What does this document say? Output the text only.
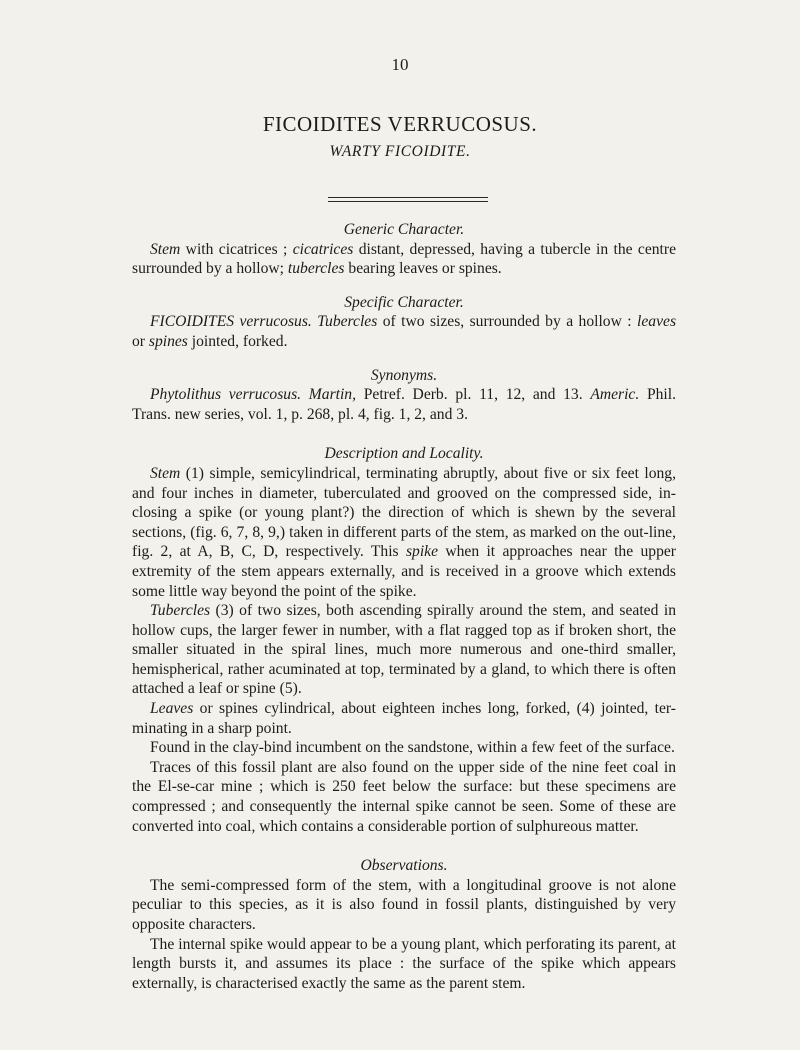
10
FICOIDITES VERRUCOSUS.
WARTY FICOIDITE.
Generic Character.

Stem with cicatrices ; cicatrices distant, depressed, having a tubercle in the centre surrounded by a hollow; tubercles bearing leaves or spines.

Specific Character.

FICOIDITES verrucosus. Tubercles of two sizes, surrounded by a hollow : leaves or spines jointed, forked.

Synonyms.

Phytolithus verrucosus. Martin, Petref. Derb. pl. 11, 12, and 13. Americ. Phil. Trans. new series, vol. 1, p. 268, pl. 4, fig. 1, 2, and 3.

Description and Locality.

Stem (1) simple, semicylindrical, terminating abruptly, about five or six feet long, and four inches in diameter, tuberculated and grooved on the compressed side, in-closing a spike (or young plant?) the direction of which is shewn by the several sections, (fig. 6, 7, 8, 9,) taken in different parts of the stem, as marked on the out-line, fig. 2, at A, B, C, D, respectively. This spike when it approaches near the upper extremity of the stem appears externally, and is received in a groove which extends some little way beyond the point of the spike.

Tubercles (3) of two sizes, both ascending spirally around the stem, and seated in hollow cups, the larger fewer in number, with a flat ragged top as if broken short, the smaller situated in the spiral lines, much more numerous and one-third smaller, hemispherical, rather acuminated at top, terminated by a gland, to which there is often attached a leaf or spine (5).

Leaves or spines cylindrical, about eighteen inches long, forked, (4) jointed, ter-minating in a sharp point.

Found in the clay-bind incumbent on the sandstone, within a few feet of the surface.

Traces of this fossil plant are also found on the upper side of the nine feet coal in the El-se-car mine ; which is 250 feet below the surface: but these specimens are compressed ; and consequently the internal spike cannot be seen. Some of these are converted into coal, which contains a considerable portion of sulphureous matter.

Observations.

The semi-compressed form of the stem, with a longitudinal groove is not alone peculiar to this species, as it is also found in fossil plants, distinguished by very opposite characters.

The internal spike would appear to be a young plant, which perforating its parent, at length bursts it, and assumes its place : the surface of the spike which appears externally, is characterised exactly the same as the parent stem.
